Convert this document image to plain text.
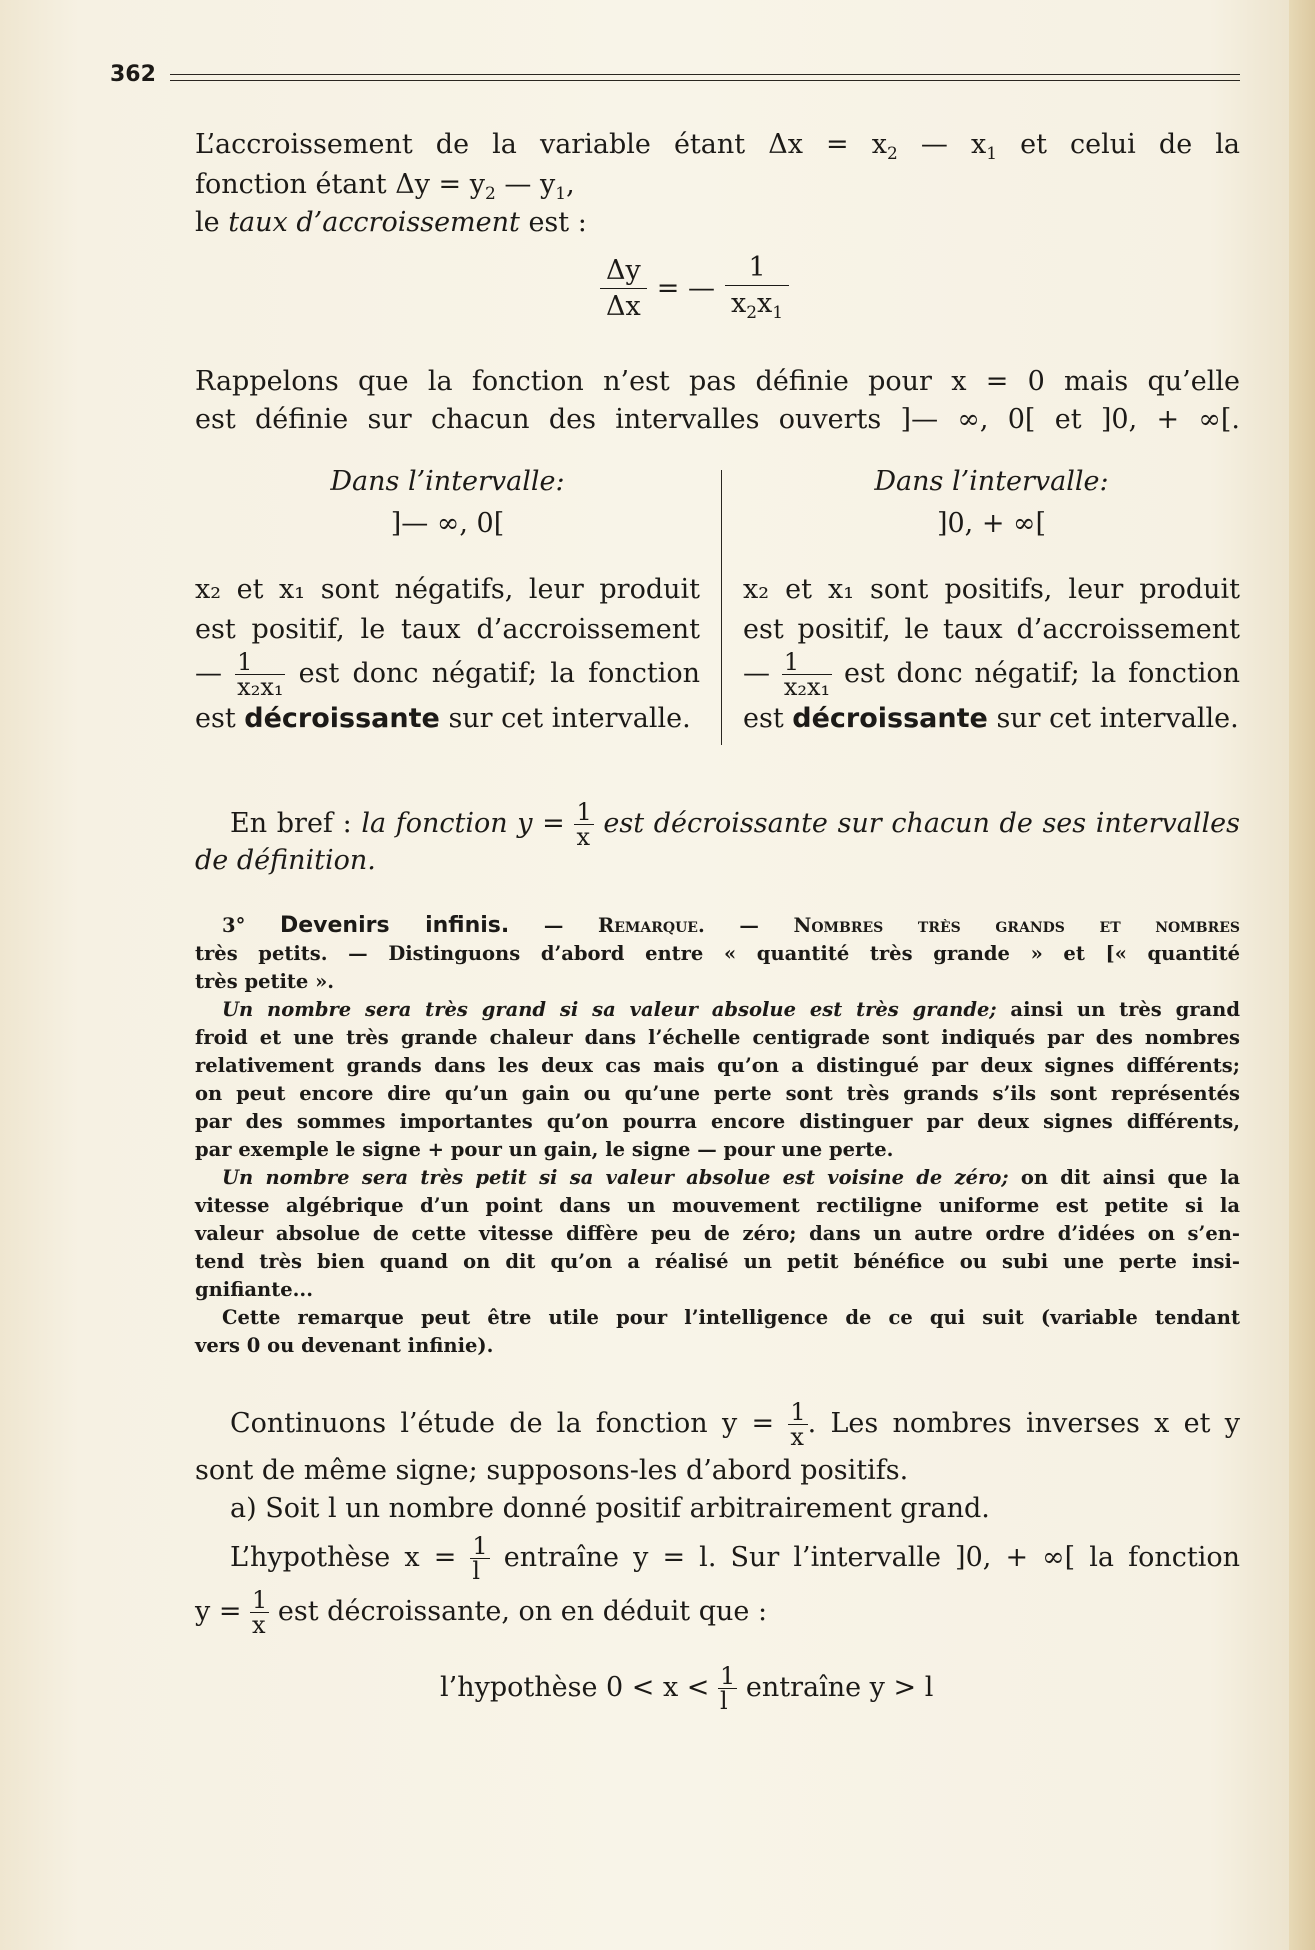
362
L’accroissement de la variable étant $\Delta x = x_2$ — $x_1$ et celui de la
fonction étant $\Delta y = y_2$ — $y_1$,
le taux d’accroissement est :
$\frac{\Delta y}{\Delta x}$ = — $\frac{1}{x_2x_1}$
Rappelons que la fonction n’est pas définie pour x = 0 mais qu’elle
est définie sur chacun des intervalles ouverts ]— ∞, 0[ et ]0, + ∞[.
Dans l’intervalle:
]— ∞, 0[
x₂ et x₁ sont négatifs, leur produit
est positif, le taux d’accroissement
— $\frac{1}{\text{x₂x₁}}$ est donc négatif; la fonction
est décroissante sur cet intervalle.
Dans l’intervalle:
]0, + ∞[
x₂ et x₁ sont positifs, leur produit
est positif, le taux d’accroissement
— $\frac{1}{\text{x₂x₁}}$ est donc négatif; la fonction
est décroissante sur cet intervalle.
En bref : la fonction $y = \frac{1}{x}$ est décroissante sur chacun de ses intervalles
de définition.
3° Devenirs infinis. — Remarque. — Nombres très grands et nombres
très petits. — Distinguons d’abord entre « quantité très grande » et [« quantité
très petite ».
Un nombre sera très grand si sa valeur absolue est très grande; ainsi un très grand
froid et une très grande chaleur dans l’échelle centigrade sont indiqués par des nombres
relativement grands dans les deux cas mais qu’on a distingué par deux signes différents;
on peut encore dire qu’un gain ou qu’une perte sont très grands s’ils sont représentés
par des sommes importantes qu’on pourra encore distinguer par deux signes différents,
par exemple le signe + pour un gain, le signe — pour une perte.
Un nombre sera très petit si sa valeur absolue est voisine de zéro; on dit ainsi que la
vitesse algébrique d’un point dans un mouvement rectiligne uniforme est petite si la
valeur absolue de cette vitesse diffère peu de zéro; dans un autre ordre d’idées on s’en-
tend très bien quand on dit qu’on a réalisé un petit bénéfice ou subi une perte insi-
gnifiante...
Cette remarque peut être utile pour l’intelligence de ce qui suit (variable tendant
vers 0 ou devenant infinie).
Continuons l’étude de la fonction $y = \frac{1}{x}$ . Les nombres inverses x et y
sont de même signe; supposons-les d’abord positifs.
a) Soit l un nombre donné positif arbitrairement grand.
L’hypothèse $x = \frac{1}{l}$ entraîne y = l. Sur l’intervalle ]0, + ∞[ la fonction
$y = \frac{1}{x}$ est décroissante, on en déduit que :
l’hypothèse $0 < x < \frac{1}{l}$ entraîne y > l
